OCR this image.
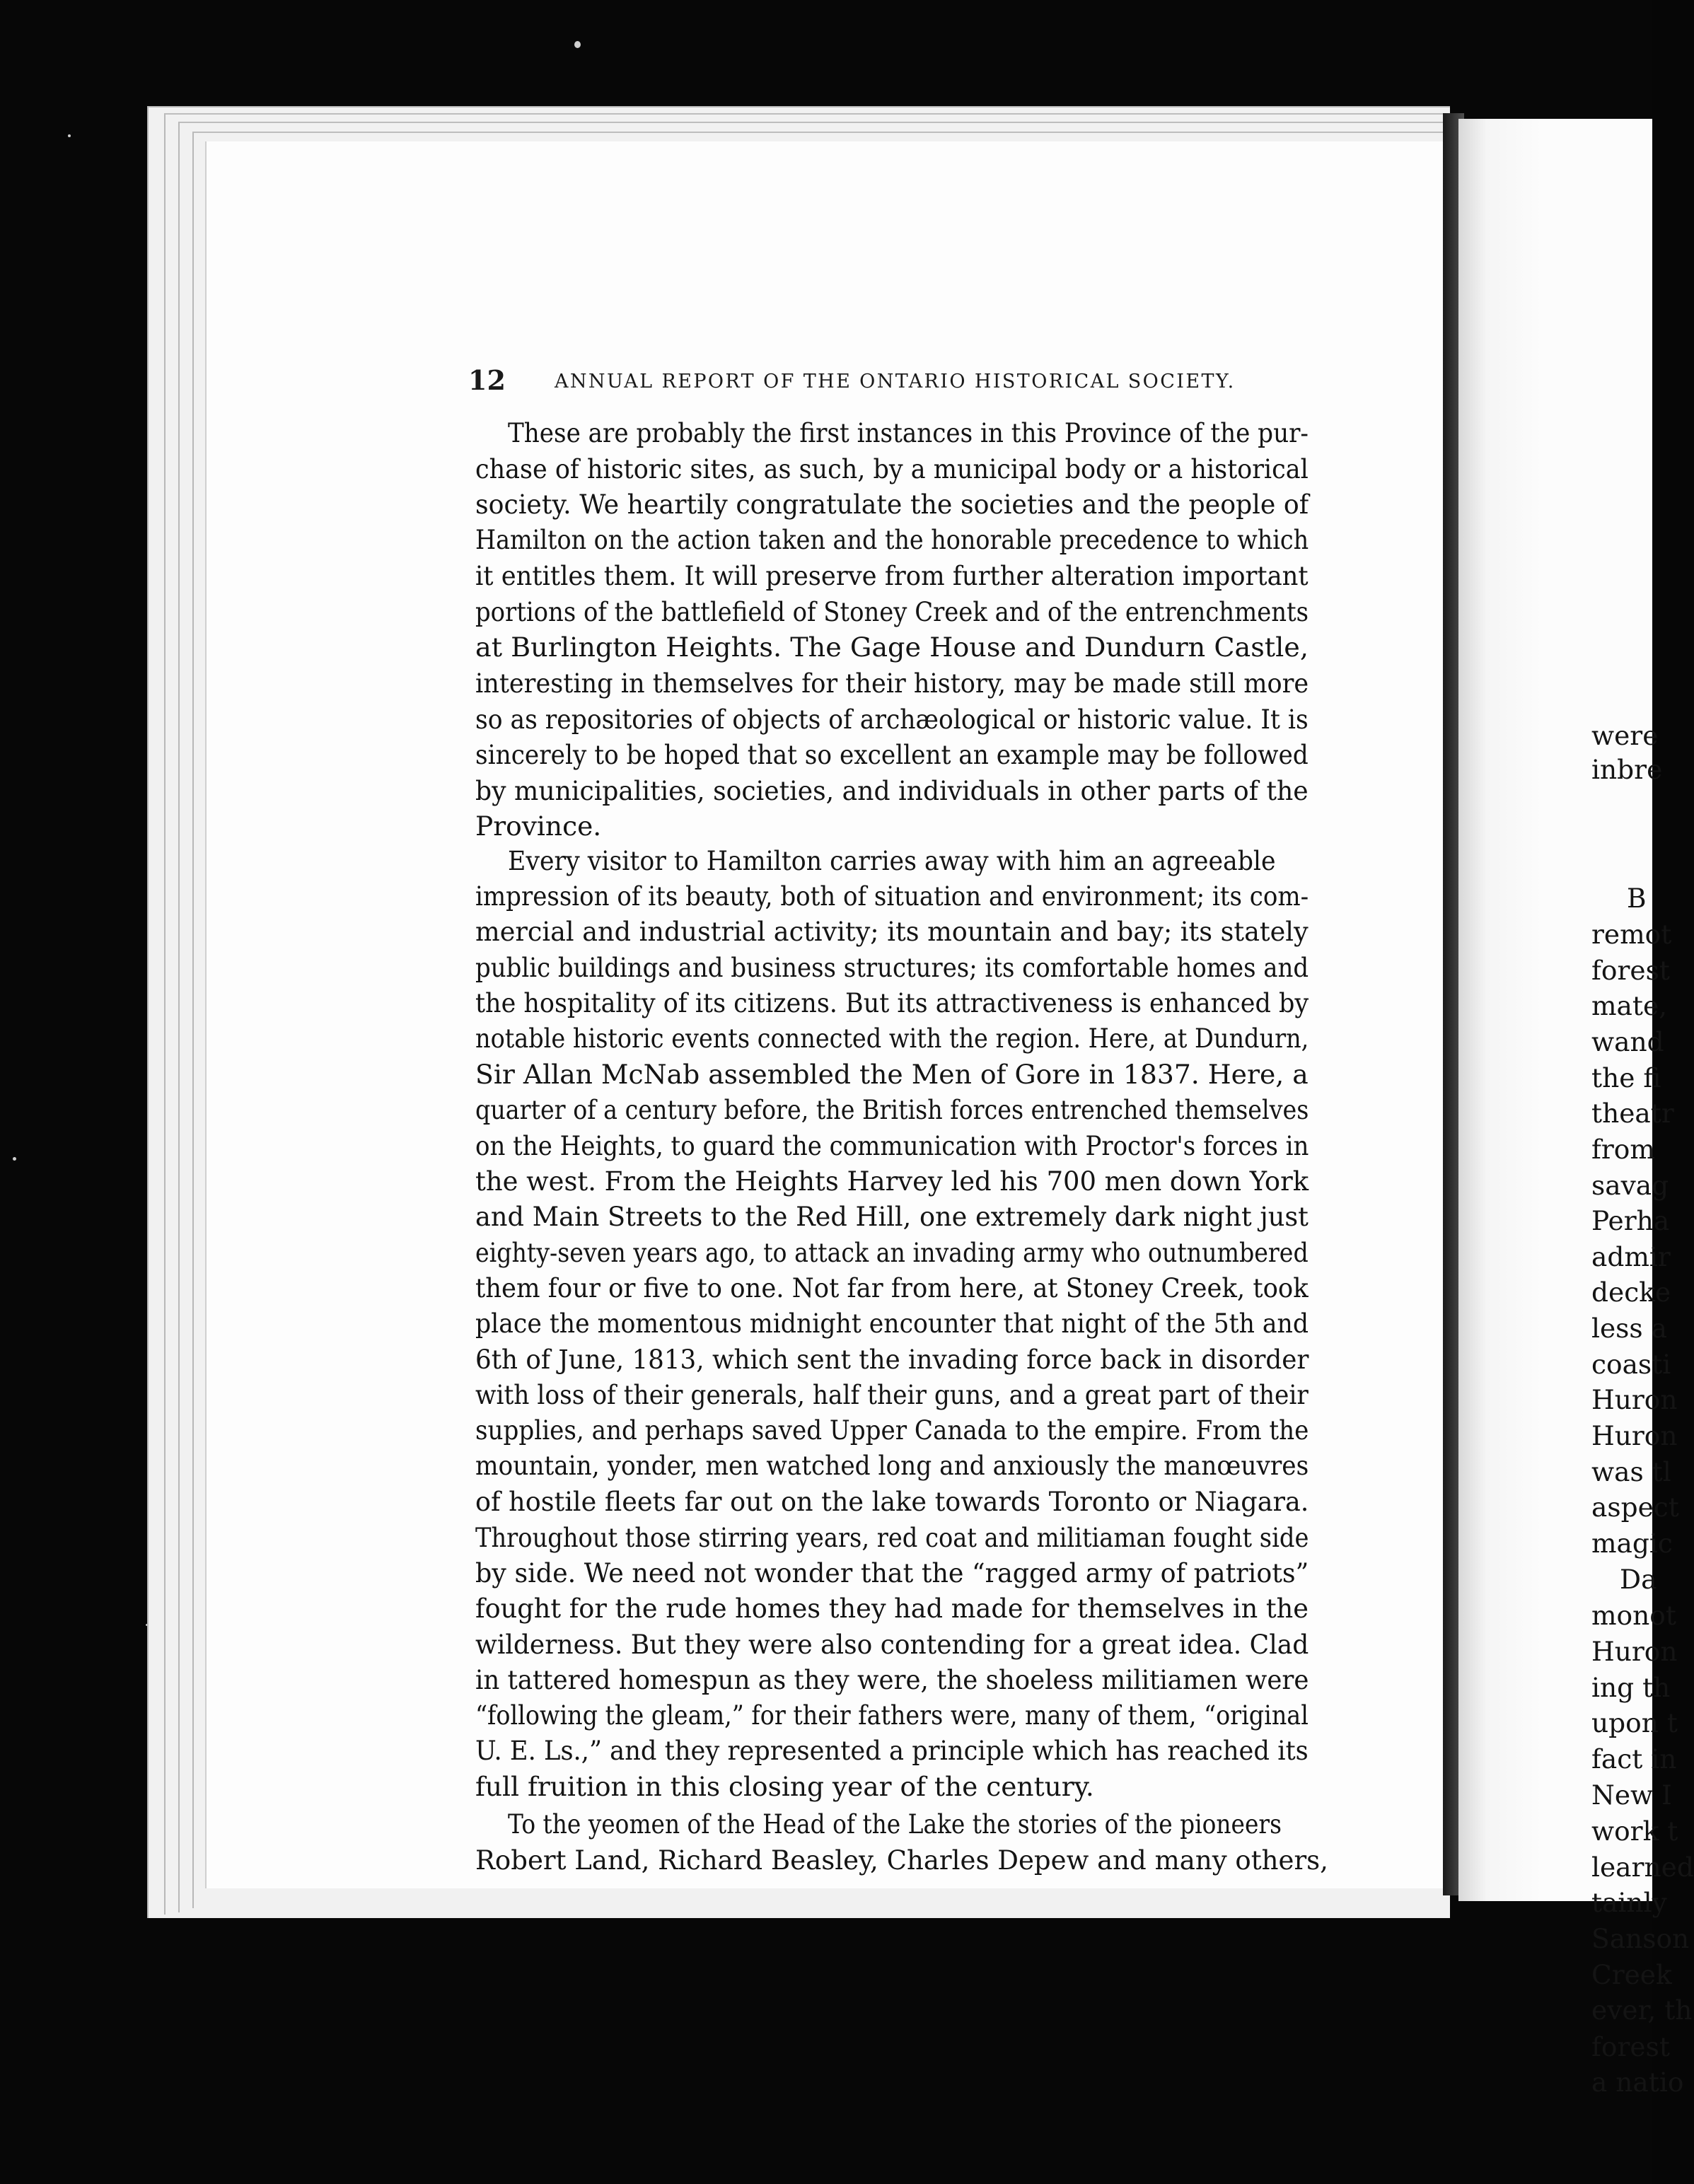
12	ANNUAL REPORT OF THE ONTARIO HISTORICAL SOCIETY.
These are probably the first instances in this Province of the pur-
chase of historic sites, as such, by a municipal body or a historical
society. We heartily congratulate the societies and the people of
Hamilton on the action taken and the honorable precedence to which
it entitles them. It will preserve from further alteration important
portions of the battlefield of Stoney Creek and of the entrenchments
at Burlington Heights. The Gage House and Dundurn Castle,
interesting in themselves for their history, may be made still more
so as repositories of objects of archæological or historic value. It is
sincerely to be hoped that so excellent an example may be followed
by municipalities, societies, and individuals in other parts of the
Province.
Every visitor to Hamilton carries away with him an agreeable
impression of its beauty, both of situation and environment; its com-
mercial and industrial activity; its mountain and bay; its stately
public buildings and business structures; its comfortable homes and
the hospitality of its citizens. But its attractiveness is enhanced by
notable historic events connected with the region. Here, at Dundurn,
Sir Allan McNab assembled the Men of Gore in 1837. Here, a
quarter of a century before, the British forces entrenched themselves
on the Heights, to guard the communication with Proctor's forces in
the west. From the Heights Harvey led his 700 men down York
and Main Streets to the Red Hill, one extremely dark night just
eighty-seven years ago, to attack an invading army who outnumbered
them four or five to one. Not far from here, at Stoney Creek, took
place the momentous midnight encounter that night of the 5th and
6th of June, 1813, which sent the invading force back in disorder
with loss of their generals, half their guns, and a great part of their
supplies, and perhaps saved Upper Canada to the empire. From the
mountain, yonder, men watched long and anxiously the manœuvres
of hostile fleets far out on the lake towards Toronto or Niagara.
Throughout those stirring years, red coat and militiaman fought side
by side. We need not wonder that the “ragged army of patriots”
fought for the rude homes they had made for themselves in the
wilderness. But they were also contending for a great idea. Clad
in tattered homespun as they were, the shoeless militiamen were
“following the gleam,” for their fathers were, many of them, “original
U. E. Ls.,” and they represented a principle which has reached its
full fruition in this closing year of the century.
To the yeomen of the Head of the Lake the stories of the pioneers
Robert Land, Richard Beasley, Charles Depew and many others,
were
inbre
B
remot
forest
mate,
wand
the fi
theatr
from
savag
Perha
admir
decke
less a
coasti
Huron
Huron
was tl
aspect
magic
Da
monot
Huron
ing th
upon t
fact in
New I
work t
learned
tainly
Sanson
Creek
ever, th
forest
a natio
